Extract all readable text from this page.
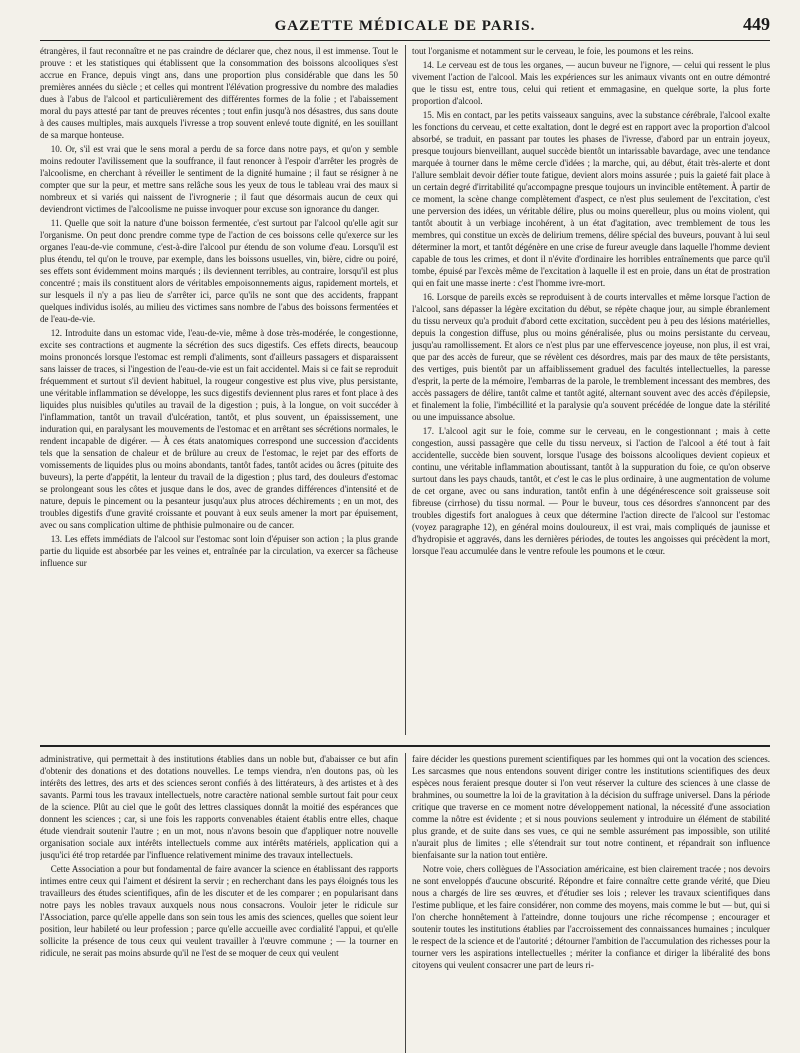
GAZETTE MÉDICALE DE PARIS.	449

étrangères, il faut reconnaître et ne pas craindre de déclarer que, chez nous, il est immense. Tout le prouve : et les statistiques qui établissent que la consommation des boissons alcooliques s'est accrue en France, depuis vingt ans, dans une proportion plus considérable que dans les 50 premières années du siècle ; et celles qui montrent l'élévation progressive du nombre des maladies dues à l'abus de l'alcool et particulièrement des différentes formes de la folie ; et l'abaissement moral du pays attesté par tant de preuves récentes ; tout enfin jusqu'à nos désastres, dus sans doute à des causes multiples, mais auxquels l'ivresse a trop souvent enlevé toute dignité, en les souillant de sa marque honteuse.

10. Or, s'il est vrai que le sens moral a perdu de sa force dans notre pays, et qu'on y semble moins redouter l'avilissement que la souffrance, il faut renoncer à l'espoir d'arrêter les progrès de l'alcoolisme, en cherchant à réveiller le sentiment de la dignité humaine ; il faut se résigner à ne compter que sur la peur, et mettre sans relâche sous les yeux de tous le tableau vrai des maux si nombreux et si variés qui naissent de l'ivrognerie ; il faut que désormais aucun de ceux qui deviendront victimes de l'alcoolisme ne puisse invoquer pour excuse son ignorance du danger.

11. Quelle que soit la nature d'une boisson fermentée, c'est surtout par l'alcool qu'elle agit sur l'organisme. On peut donc prendre comme type de l'action de ces boissons celle qu'exerce sur les organes l'eau-de-vie commune, c'est-à-dire l'alcool pur étendu de son volume d'eau. Lorsqu'il est plus étendu, tel qu'on le trouve, par exemple, dans les boissons usuelles, vin, bière, cidre ou poiré, ses effets sont évidemment moins marqués ; ils deviennent terribles, au contraire, lorsqu'il est plus concentré ; mais ils constituent alors de véritables empoisonnements aigus, rapidement mortels, et sur lesquels il n'y a pas lieu de s'arrêter ici, parce qu'ils ne sont que des accidents, frappant quelques individus isolés, au milieu des victimes sans nombre de l'abus des boissons fermentées et de l'eau-de-vie.

12. Introduite dans un estomac vide, l'eau-de-vie, même à dose très-modérée, le congestionne, excite ses contractions et augmente la sécrétion des sucs digestifs. Ces effets directs, beaucoup moins prononcés lorsque l'estomac est rempli d'aliments, sont d'ailleurs passagers et disparaissent sans laisser de traces, si l'ingestion de l'eau-de-vie est un fait accidentel. Mais si ce fait se reproduit fréquemment et surtout s'il devient habituel, la rougeur congestive est plus vive, plus persistante, une véritable inflammation se développe, les sucs digestifs deviennent plus rares et font place à des liquides plus nuisibles qu'utiles au travail de la digestion ; puis, à la longue, on voit succéder à l'inflammation, tantôt un travail d'ulcération, tantôt, et plus souvent, un épaississement, une induration qui, en paralysant les mouvements de l'estomac et en arrêtant ses sécrétions normales, le rendent incapable de digérer. — À ces états anatomiques correspond une succession d'accidents tels que la sensation de chaleur et de brûlure au creux de l'estomac, le rejet par des efforts de vomissements de liquides plus ou moins abondants, tantôt fades, tantôt acides ou âcres (pituite des buveurs), la perte d'appétit, la lenteur du travail de la digestion ; plus tard, des douleurs d'estomac se prolongeant sous les côtes et jusque dans le dos, avec de grandes différences d'intensité et de nature, depuis le pincement ou la pesanteur jusqu'aux plus atroces déchirements ; en un mot, des troubles digestifs d'une gravité croissante et pouvant à eux seuls amener la mort par épuisement, avec ou sans complication ultime de phthisie pulmonaire ou de cancer.

13. Les effets immédiats de l'alcool sur l'estomac sont loin d'épuiser son action ; la plus grande partie du liquide est absorbée par les veines et, entraînée par la circulation, va exercer sa fâcheuse influence sur

tout l'organisme et notamment sur le cerveau, le foie, les poumons et les reins.

14. Le cerveau est de tous les organes, — aucun buveur ne l'ignore, — celui qui ressent le plus vivement l'action de l'alcool. Mais les expériences sur les animaux vivants ont en outre démontré que le tissu est, entre tous, celui qui retient et emmagasine, en quelque sorte, la plus forte proportion d'alcool.

15. Mis en contact, par les petits vaisseaux sanguins, avec la substance cérébrale, l'alcool exalte les fonctions du cerveau, et cette exaltation, dont le degré est en rapport avec la proportion d'alcool absorbé, se traduit, en passant par toutes les phases de l'ivresse, d'abord par un entrain joyeux, presque toujours bienveillant, auquel succède bientôt un intarissable bavardage, avec une tendance marquée à tourner dans le même cercle d'idées ; la marche, qui, au début, était très-alerte et dont l'allure semblait devoir défier toute fatigue, devient alors moins assurée ; puis la gaieté fait place à un certain degré d'irritabilité qu'accompagne presque toujours un invincible entêtement. À partir de ce moment, la scène change complètement d'aspect, ce n'est plus seulement de l'excitation, c'est une perversion des idées, un véritable délire, plus ou moins querelleur, plus ou moins violent, qui tantôt aboutit à un verbiage incohérent, à un état d'agitation, avec tremblement de tous les membres, qui constitue un excès de delirium tremens, délire spécial des buveurs, pouvant à lui seul déterminer la mort, et tantôt dégénère en une crise de fureur aveugle dans laquelle l'homme devient capable de tous les crimes, et dont il n'évite d'ordinaire les horribles entraînements que parce qu'il tombe, épuisé par l'excès même de l'excitation à laquelle il est en proie, dans un état de prostration qui en fait une masse inerte : c'est l'homme ivre-mort.

16. Lorsque de pareils excès se reproduisent à de courts intervalles et même lorsque l'action de l'alcool, sans dépasser la légère excitation du début, se répète chaque jour, au simple ébranlement du tissu nerveux qu'a produit d'abord cette excitation, succèdent peu à peu des lésions matérielles, depuis la congestion diffuse, plus ou moins généralisée, plus ou moins persistante du cerveau, jusqu'au ramollissement. Et alors ce n'est plus par une effervescence joyeuse, non plus, il est vrai, que par des accès de fureur, que se révèlent ces désordres, mais par des maux de tête persistants, des vertiges, puis bientôt par un affaiblissement graduel des facultés intellectuelles, la paresse d'esprit, la perte de la mémoire, l'embarras de la parole, le tremblement incessant des membres, des accès passagers de délire, tantôt calme et tantôt agité, alternant souvent avec des accès d'épilepsie, et finalement la folie, l'imbécillité et la paralysie qu'a souvent précédée de longue date la stérilité ou une impuissance absolue.

17. L'alcool agit sur le foie, comme sur le cerveau, en le congestionnant ; mais à cette congestion, aussi passagère que celle du tissu nerveux, si l'action de l'alcool a été tout à fait accidentelle, succède bien souvent, lorsque l'usage des boissons alcooliques devient copieux et continu, une véritable inflammation aboutissant, tantôt à la suppuration du foie, ce qu'on observe surtout dans les pays chauds, tantôt, et c'est le cas le plus ordinaire, à une augmentation de volume de cet organe, avec ou sans induration, tantôt enfin à une dégénérescence soit graisseuse soit fibreuse (cirrhose) du tissu normal. — Pour le buveur, tous ces désordres s'annoncent par des troubles digestifs fort analogues à ceux que détermine l'action directe de l'alcool sur l'estomac (voyez paragraphe 12), en général moins douloureux, il est vrai, mais compliqués de jaunisse et d'hydropisie et aggravés, dans les dernières périodes, de toutes les angoisses qui précèdent la mort, lorsque l'eau accumulée dans le ventre refoule les poumons et le cœur.

administrative, qui permettait à des institutions établies dans un noble but, d'abaisser ce but afin d'obtenir des donations et des dotations nouvelles. Le temps viendra, n'en doutons pas, où les intérêts des lettres, des arts et des sciences seront confiés à des littérateurs, à des artistes et à des savants. Parmi tous les travaux intellectuels, notre caractère national semble surtout fait pour ceux de la science. Plût au ciel que le goût des lettres classiques donnât la moitié des espérances que donnent les sciences ; car, si une fois les rapports convenables étaient établis entre elles, chaque étude viendrait soutenir l'autre ; en un mot, nous n'avons besoin que d'appliquer notre nouvelle organisation sociale aux intérêts intellectuels comme aux intérêts matériels, application qui a jusqu'ici été trop retardée par l'influence relativement minime des travaux intellectuels.

Cette Association a pour but fondamental de faire avancer la science en établissant des rapports intimes entre ceux qui l'aiment et désirent la servir ; en recherchant dans les pays éloignés tous les travailleurs des études scientifiques, afin de les discuter et de les comparer ; en popularisant dans notre pays les nobles travaux auxquels nous nous consacrons. Vouloir jeter le ridicule sur l'Association, parce qu'elle appelle dans son sein tous les amis des sciences, quelles que soient leur position, leur habileté ou leur profession ; parce qu'elle accueille avec cordialité l'appui, et qu'elle sollicite la présence de tous ceux qui veulent travailler à l'œuvre commune ; — la tourner en ridicule, ne serait pas moins absurde qu'il ne l'est de se moquer de ceux qui veulent

faire décider les questions purement scientifiques par les hommes qui ont la vocation des sciences. Les sarcasmes que nous entendons souvent diriger contre les institutions scientifiques des deux espèces nous feraient presque douter si l'on veut réserver la culture des sciences à une classe de brahmines, ou soumettre la loi de la gravitation à la décision du suffrage universel. Dans la période critique que traverse en ce moment notre développement national, la nécessité d'une association comme la nôtre est évidente ; et si nous pouvions seulement y introduire un élément de stabilité plus grande, et de suite dans ses vues, ce qui ne semble assurément pas impossible, son utilité n'aurait plus de limites ; elle s'étendrait sur tout notre continent, et répandrait son influence bienfaisante sur la nation tout entière.

Notre voie, chers collègues de l'Association américaine, est bien clairement tracée ; nos devoirs ne sont enveloppés d'aucune obscurité. Répondre et faire connaître cette grande vérité, que Dieu nous a chargés de lire ses œuvres, et d'étudier ses lois ; relever les travaux scientifiques dans l'estime publique, et les faire considérer, non comme des moyens, mais comme le but — but, qui si l'on cherche honnêtement à l'atteindre, donne toujours une riche récompense ; encourager et soutenir toutes les institutions établies par l'accroissement des connaissances humaines ; inculquer le respect de la science et de l'autorité ; détourner l'ambition de l'accumulation des richesses pour la tourner vers les aspirations intellectuelles ; mériter la confiance et diriger la libéralité des bons citoyens qui veulent consacrer une part de leurs ri-
